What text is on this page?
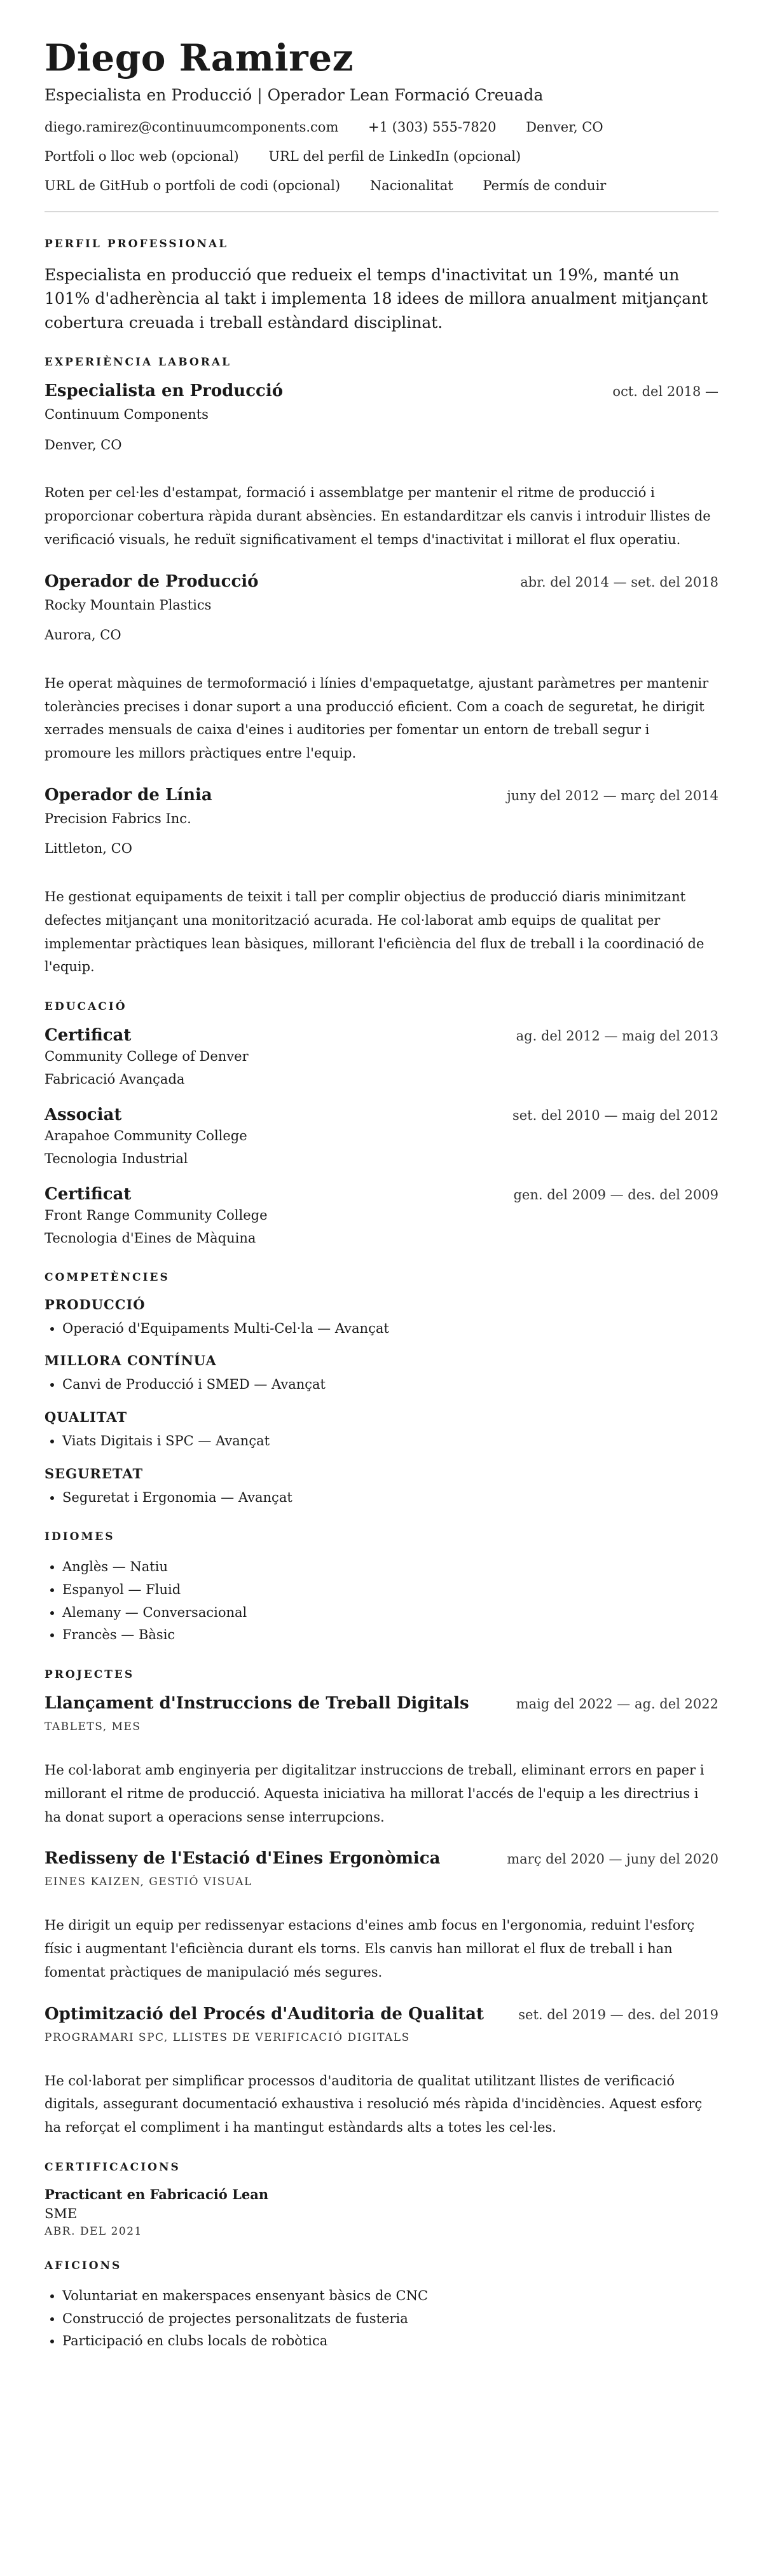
Diego Ramirez
Especialista en Producció | Operador Lean Formació Creuada
diego.ramirez@continuumcomponents.com +1 (303) 555-7820 Denver, CO
Portfoli o lloc web (opcional) URL del perfil de LinkedIn (opcional)
URL de GitHub o portfoli de codi (opcional) Nacionalitat Permís de conduir
PERFIL PROFESSIONAL

Especialista en producció que redueix el temps d'inactivitat un 19%, manté un 101% d'adherència al takt i implementa 18 idees de millora anualment mitjançant cobertura creuada i treball estàndard disciplinat.

EXPERIÈNCIA LABORAL
Especialista en Producció	oct. del 2018 —
Continuum Components
Denver, CO
Roten per cel·les d'estampat, formació i assemblatge per mantenir el ritme de producció i proporcionar cobertura ràpida durant absències. En estandarditzar els canvis i introduir llistes de verificació visuals, he reduït significativament el temps d'inactivitat i millorat el flux operatiu.
Operador de Producció	abr. del 2014 — set. del 2018
Rocky Mountain Plastics
Aurora, CO
He operat màquines de termoformació i línies d'empaquetatge, ajustant paràmetres per mantenir toleràncies precises i donar suport a una producció eficient. Com a coach de seguretat, he dirigit xerrades mensuals de caixa d'eines i auditories per fomentar un entorn de treball segur i promoure les millors pràctiques entre l'equip.
Operador de Línia	juny del 2012 — març del 2014
Precision Fabrics Inc.
Littleton, CO
He gestionat equipaments de teixit i tall per complir objectius de producció diaris minimitzant defectes mitjançant una monitorització acurada. He col·laborat amb equips de qualitat per implementar pràctiques lean bàsiques, millorant l'eficiència del flux de treball i la coordinació de l'equip.
EDUCACIÓ
Certificat	ag. del 2012 — maig del 2013
Community College of Denver
Fabricació Avançada
Associat	set. del 2010 — maig del 2012
Arapahoe Community College
Tecnologia Industrial
Certificat	gen. del 2009 — des. del 2009
Front Range Community College
Tecnologia d'Eines de Màquina
COMPETÈNCIES
PRODUCCIÓ
• Operació d'Equipaments Multi-Cel·la — Avançat
MILLORA CONTÍNUA
• Canvi de Producció i SMED — Avançat
QUALITAT
• Viats Digitais i SPC — Avançat
SEGURETAT
• Seguretat i Ergonomia — Avançat
IDIOMES
• Anglès — Natiu
• Espanyol — Fluid
• Alemany — Conversacional
• Francès — Bàsic
PROJECTES
Llançament d'Instruccions de Treball Digitals	maig del 2022 — ag. del 2022
TABLETS, MES
He col·laborat amb enginyeria per digitalitzar instruccions de treball, eliminant errors en paper i millorant el ritme de producció. Aquesta iniciativa ha millorat l'accés de l'equip a les directrius i ha donat suport a operacions sense interrupcions.
Redisseny de l'Estació d'Eines Ergonòmica	març del 2020 — juny del 2020
EINES KAIZEN, GESTIÓ VISUAL
He dirigit un equip per redissenyar estacions d'eines amb focus en l'ergonomia, reduint l'esforç físic i augmentant l'eficiència durant els torns. Els canvis han millorat el flux de treball i han fomentat pràctiques de manipulació més segures.
Optimització del Procés d'Auditoria de Qualitat	set. del 2019 — des. del 2019
PROGRAMARI SPC, LLISTES DE VERIFICACIÓ DIGITALS
He col·laborat per simplificar processos d'auditoria de qualitat utilitzant llistes de verificació digitals, assegurant documentació exhaustiva i resolució més ràpida d'incidències. Aquest esforç ha reforçat el compliment i ha mantingut estàndards alts a totes les cel·les.
CERTIFICACIONS
Practicant en Fabricació Lean
SME
ABR. DEL 2021
AFICIONS
• Voluntariat en makerspaces ensenyant bàsics de CNC
• Construcció de projectes personalitzats de fusteria
• Participació en clubs locals de robòtica
